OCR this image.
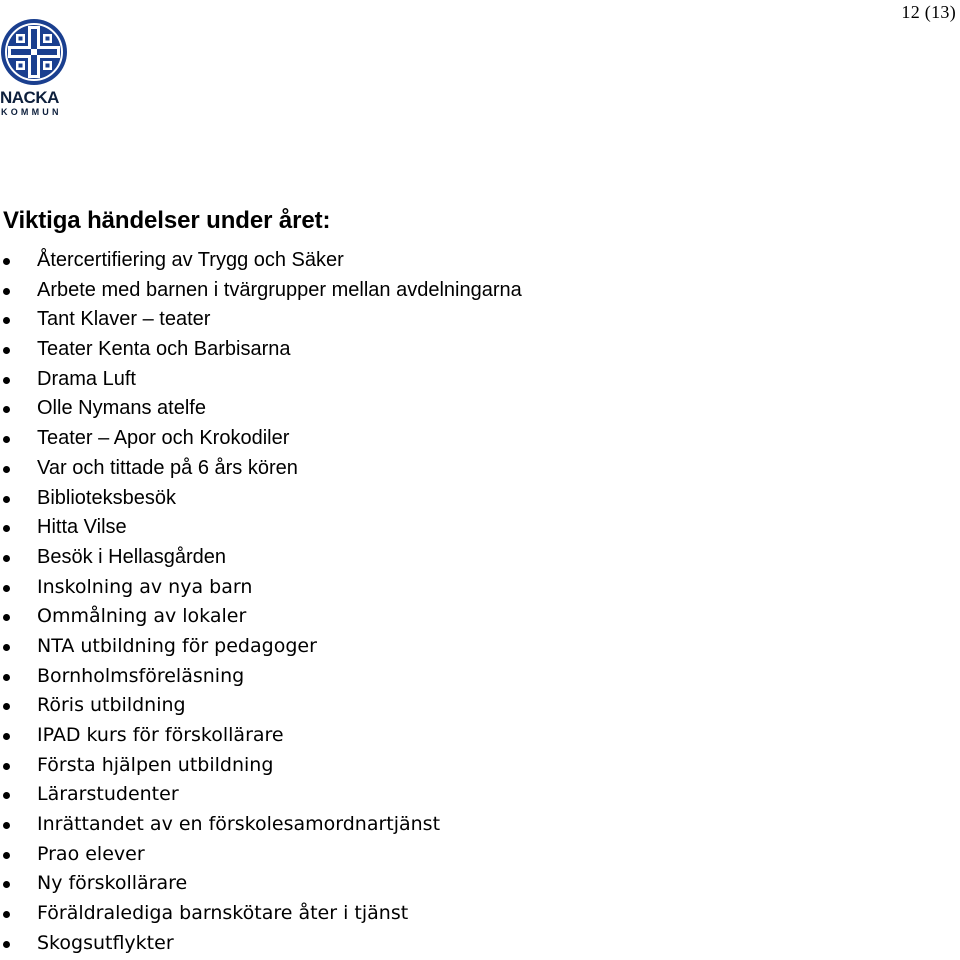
12 (13)
NACKA
KOMMUN
Viktiga händelser under året:
Återcertifiering av Trygg och Säker
Arbete med barnen i tvärgrupper mellan avdelningarna
Tant Klaver – teater
Teater Kenta och Barbisarna
Drama Luft
Olle Nymans atelfe
Teater – Apor och Krokodiler
Var och tittade på 6 års kören
Biblioteksbesök
Hitta Vilse
Besök i Hellasgården
Inskolning av nya barn
Ommålning av lokaler
NTA utbildning för pedagoger
Bornholmsföreläsning
Röris utbildning
IPAD kurs för förskollärare
Första hjälpen utbildning
Lärarstudenter
Inrättandet av en förskolesamordnartjänst
Prao elever
Ny förskollärare
Föräldralediga barnskötare åter i tjänst
Skogsutflykter
